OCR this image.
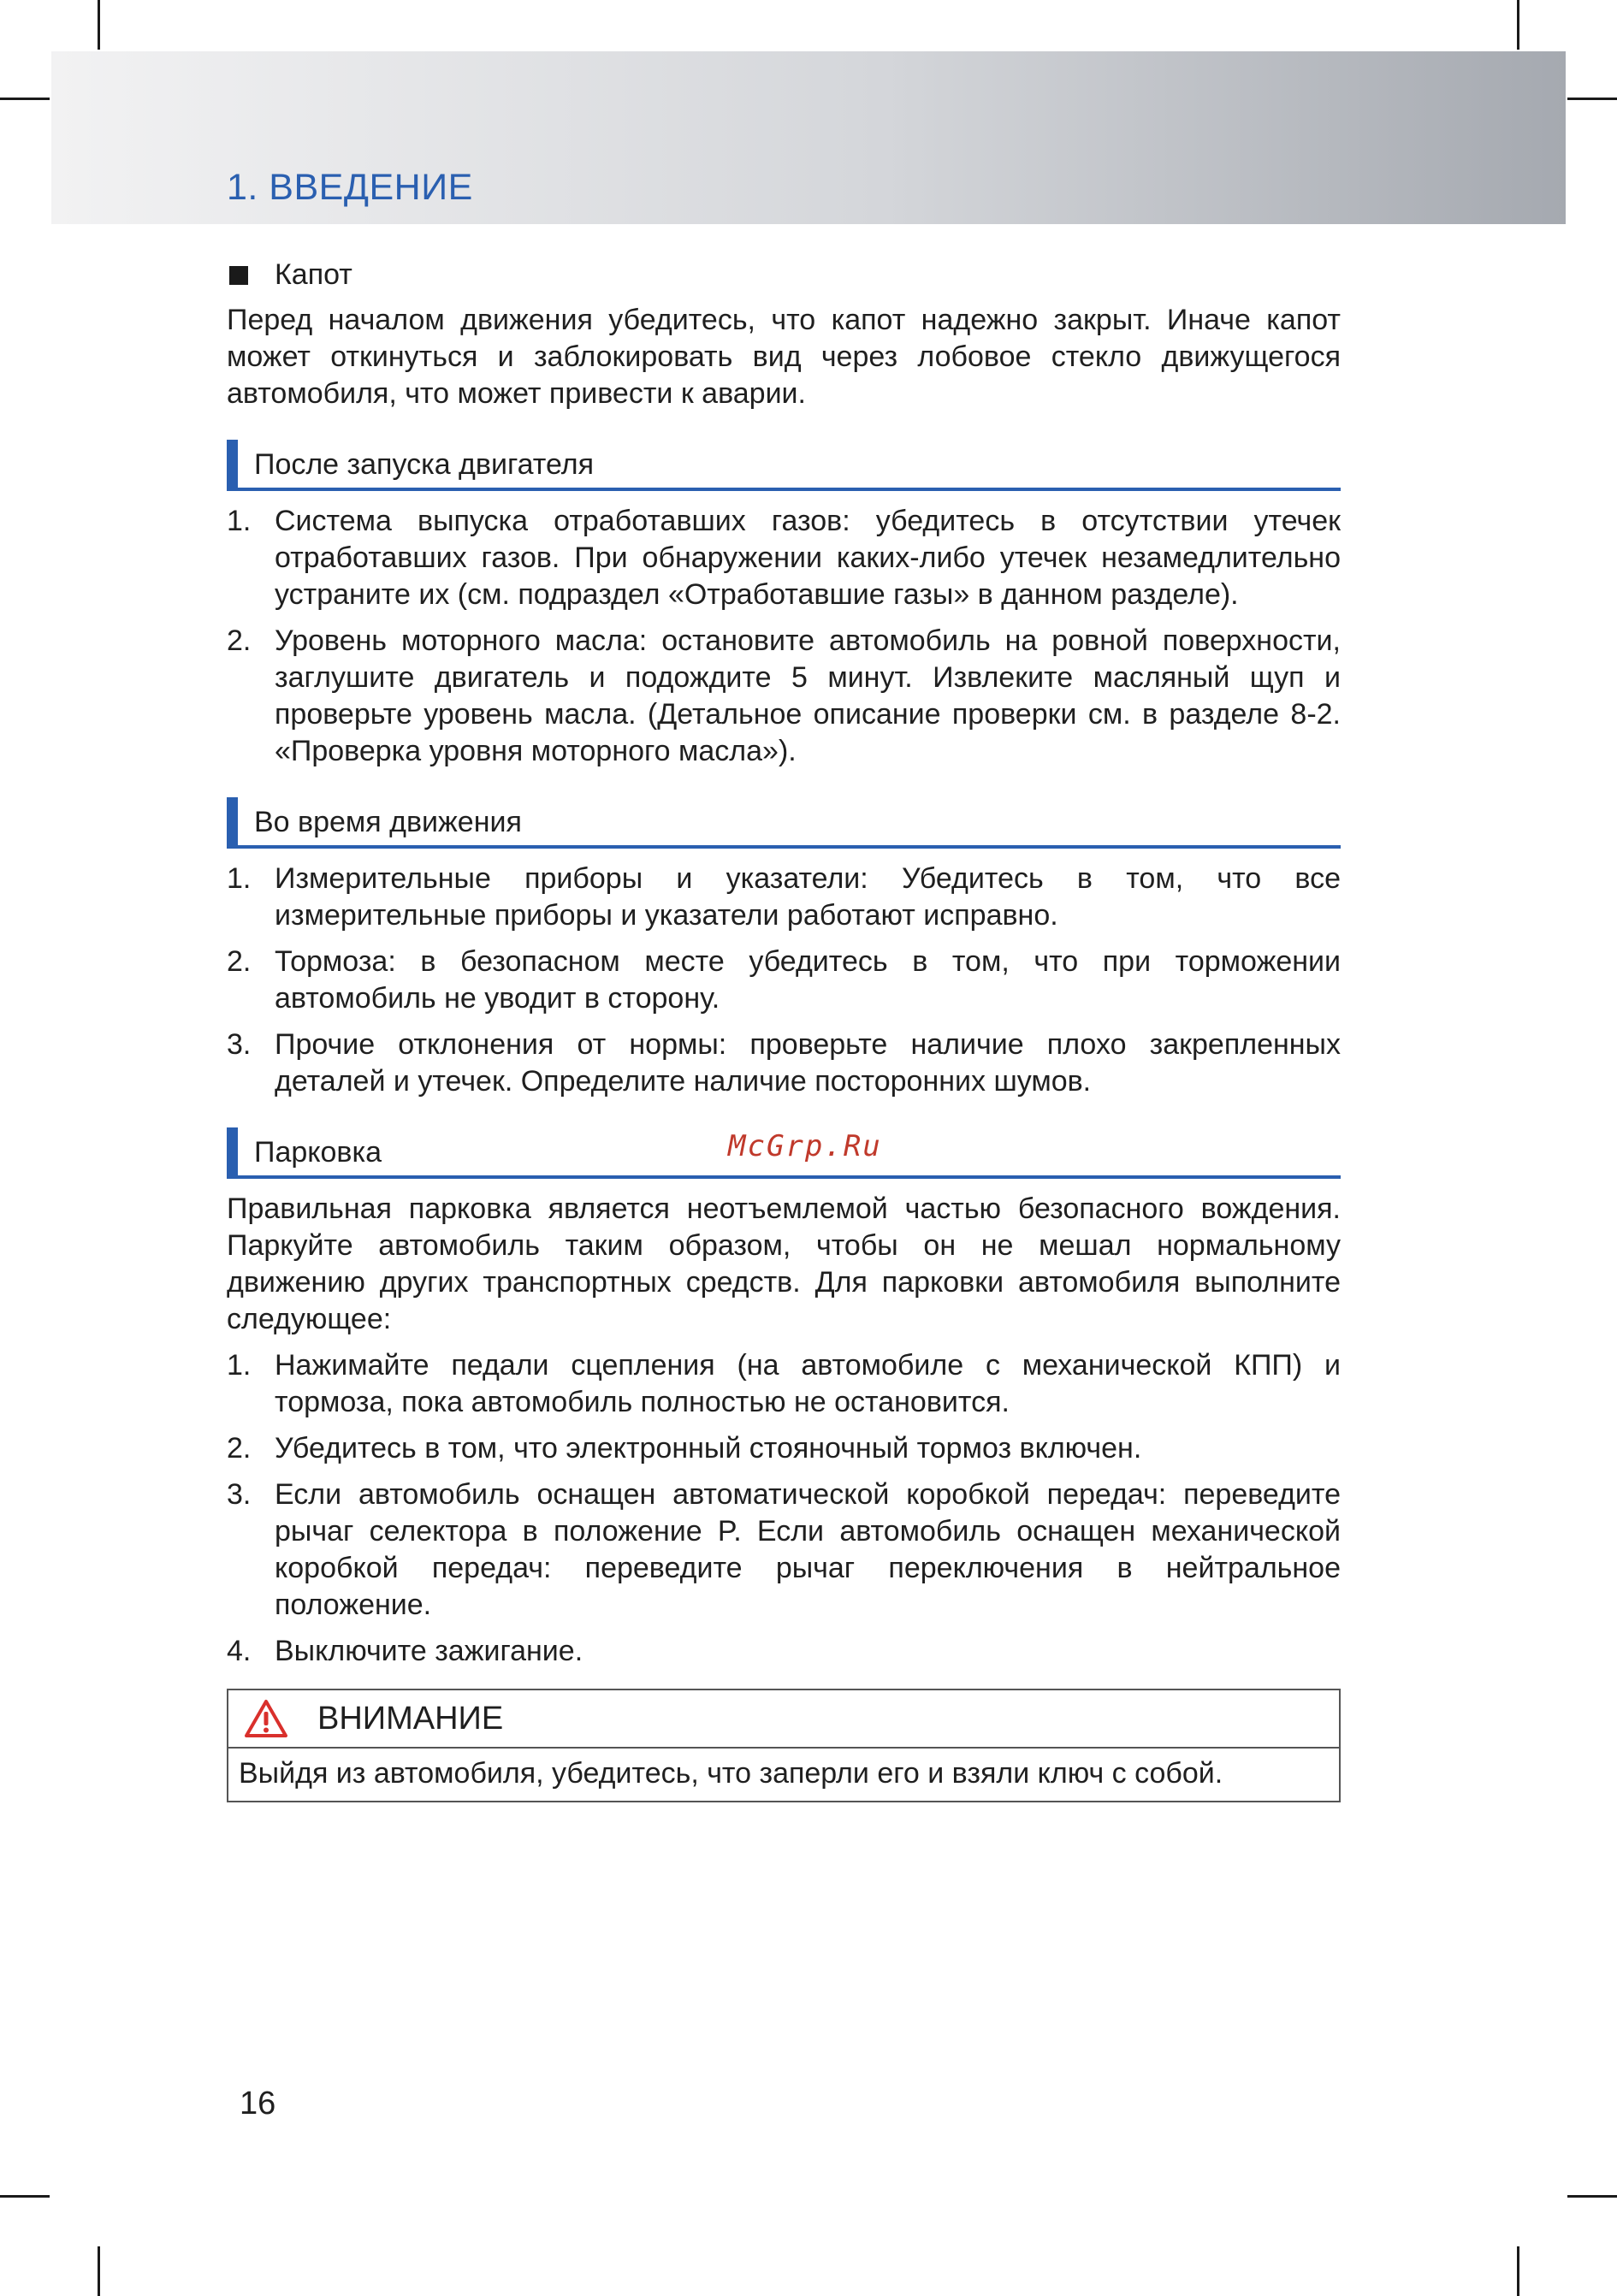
1. ВВЕДЕНИЕ
McGrp.Ru
Капот

Перед началом движения убедитесь, что капот надежно закрыт. Иначе капот может откинуться и заблокировать вид через лобовое стекло движущегося автомобиля, что может привести к аварии.

После запуска двигателя
1. Система выпуска отработавших газов: убедитесь в отсутствии утечек отработавших газов. При обнаружении каких-либо утечек незамедлительно устраните их (см. подраздел «Отработавшие газы» в данном разделе).
2. Уровень моторного масла: остановите автомобиль на ровной поверхности, заглушите двигатель и подождите 5 минут. Извлеките масляный щуп и проверьте уровень масла. (Детальное описание проверки см. в разделе 8-2. «Проверка уровня моторного масла»).
Во время движения
1. Измерительные приборы и указатели: Убедитесь в том, что все измерительные приборы и указатели работают исправно.
2. Тормоза: в безопасном месте убедитесь в том, что при торможении автомобиль не уводит в сторону.
3. Прочие отклонения от нормы: проверьте наличие плохо закрепленных деталей и утечек. Определите наличие посторонних шумов.
Парковка

Правильная парковка является неотъемлемой частью безопасного вождения. Паркуйте автомобиль таким образом, чтобы он не мешал нормальному движению других транспортных средств. Для парковки автомобиля выполните следующее:

1. Нажимайте педали сцепления (на автомобиле с механической КПП) и тормоза, пока автомобиль полностью не остановится.
2. Убедитесь в том, что электронный стояночный тормоз включен.
3. Если автомобиль оснащен автоматической коробкой передач: переведите рычаг селектора в положение P. Если автомобиль оснащен механической коробкой передач: переведите рычаг переключения в нейтральное положение.
4. Выключите зажигание.
ВНИМАНИЕ
Выйдя из автомобиля, убедитесь, что заперли его и взяли ключ с собой.
16
